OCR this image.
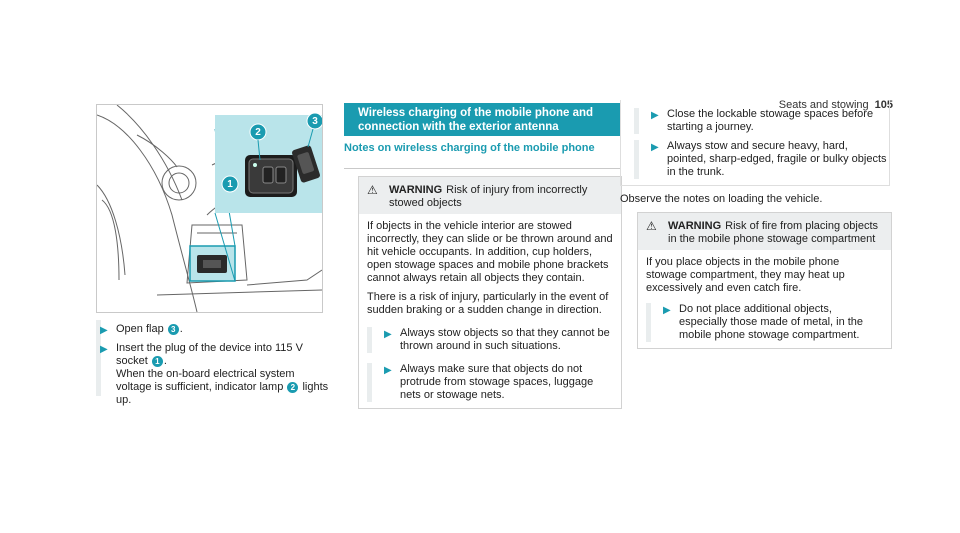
Seats and stowing 105
1
2
3
▶ Open flap 3 .
▶ Insert the plug of the device into 115 V socket 1 .
When the on-board electrical system voltage is sufficient, indicator lamp 2 lights up.
Wireless charging of the mobile phone and connection with the exterior antenna
Notes on wireless charging of the mobile phone
⚠	WARNING Risk of injury from incorrectly stowed objects

If objects in the vehicle interior are stowed incorrectly, they can slide or be thrown around and hit vehicle occupants. In addition, cup holders, open stowage spaces and mobile phone brackets cannot always retain all objects they contain.

There is a risk of injury, particularly in the event of sudden braking or a sudden change in direction.

▶ Always stow objects so that they cannot be thrown around in such situations.
▶ Always make sure that objects do not protrude from stowage spaces, luggage nets or stowage nets.
▶ Close the lockable stowage spaces before starting a journey.
▶ Always stow and secure heavy, hard, pointed, sharp-edged, fragile or bulky objects in the trunk.
Observe the notes on loading the vehicle.
⚠	WARNING Risk of fire from placing objects in the mobile phone stowage compartment

If you place objects in the mobile phone stowage compartment, they may heat up excessively and even catch fire.

▶ Do not place additional objects, especially those made of metal, in the mobile phone stowage compartment.
